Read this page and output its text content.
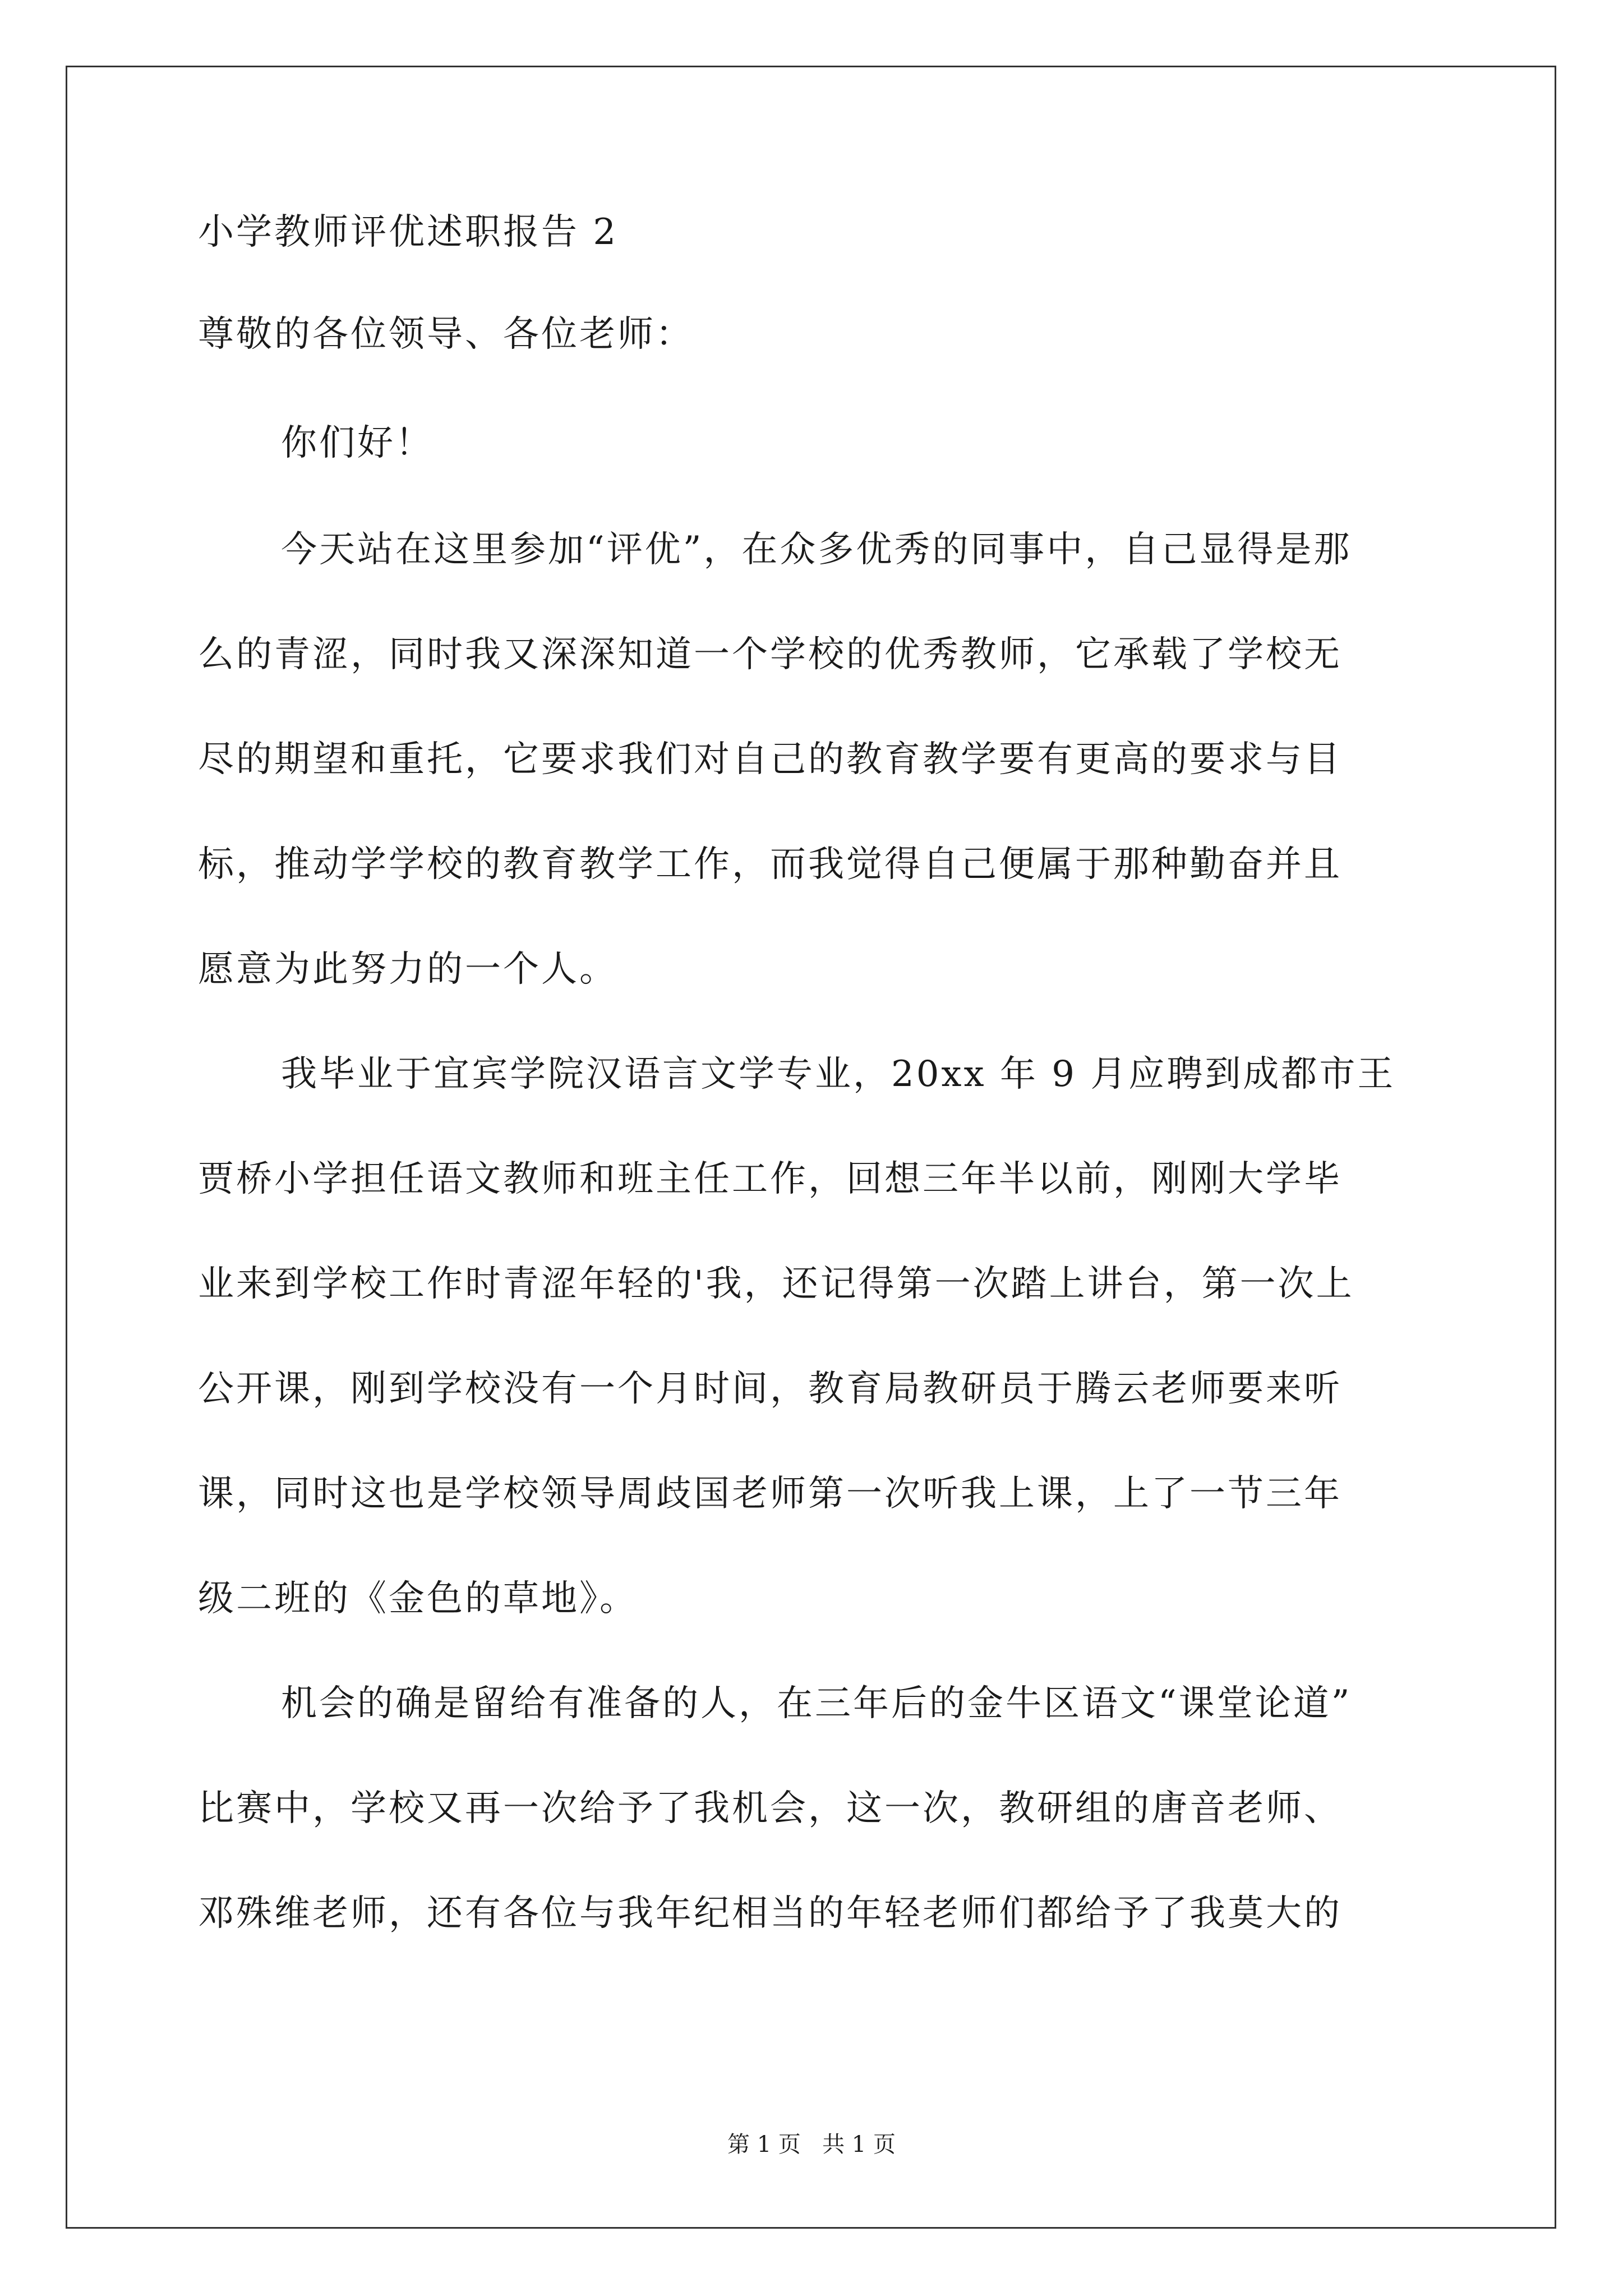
小学教师评优述职报告 2
尊敬的各位领导、各位老师：
你们好！
今天站在这里参加“评优”，在众多优秀的同事中，自己显得是那
么的青涩，同时我又深深知道一个学校的优秀教师，它承载了学校无
尽的期望和重托，它要求我们对自己的教育教学要有更高的要求与目
标，推动学学校的教育教学工作，而我觉得自己便属于那种勤奋并且
愿意为此努力的一个人。
我毕业于宜宾学院汉语言文学专业，20xx 年 9 月应聘到成都市王
贾桥小学担任语文教师和班主任工作，回想三年半以前，刚刚大学毕
业来到学校工作时青涩年轻的'我，还记得第一次踏上讲台，第一次上
公开课，刚到学校没有一个月时间，教育局教研员于腾云老师要来听
课，同时这也是学校领导周歧国老师第一次听我上课，上了一节三年
级二班的《金色的草地》。
机会的确是留给有准备的人，在三年后的金牛区语文“课堂论道”
比赛中，学校又再一次给予了我机会，这一次，教研组的唐音老师、
邓殊维老师，还有各位与我年纪相当的年轻老师们都给予了我莫大的
第 1 页   共 1 页
